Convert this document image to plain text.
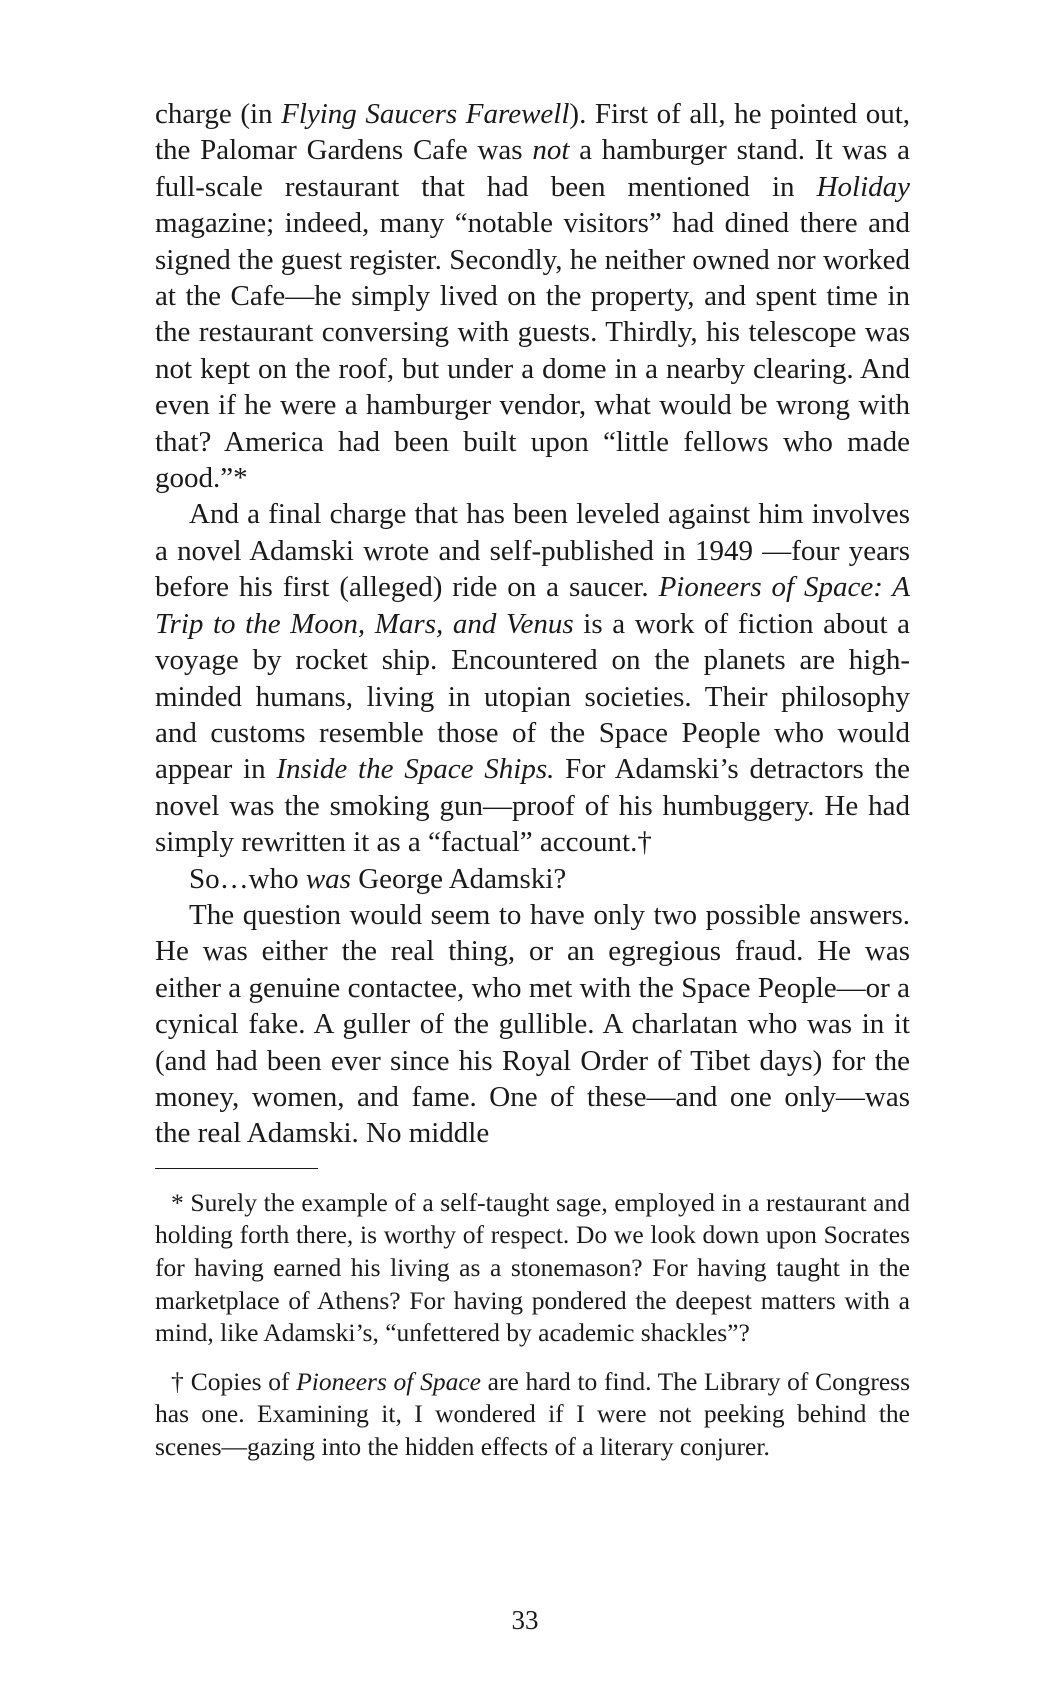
charge (in Flying Saucers Farewell). First of all, he pointed out, the Palomar Gardens Cafe was not a hamburger stand. It was a full-scale restaurant that had been mentioned in Holiday magazine; indeed, many “notable visitors” had dined there and signed the guest register. Secondly, he neither owned nor worked at the Cafe—he simply lived on the property, and spent time in the restaurant conversing with guests. Thirdly, his telescope was not kept on the roof, but under a dome in a nearby clearing. And even if he were a hamburger vendor, what would be wrong with that? America had been built upon “little fellows who made good.”*

And a final charge that has been leveled against him involves a novel Adamski wrote and self-published in 1949 —four years before his first (alleged) ride on a saucer. Pioneers of Space: A Trip to the Moon, Mars, and Venus is a work of fiction about a voyage by rocket ship. Encountered on the planets are high-minded humans, living in utopian societies. Their philosophy and customs resemble those of the Space People who would appear in Inside the Space Ships. For Adamski’s detractors the novel was the smoking gun—proof of his humbuggery. He had simply rewritten it as a “factual” account.†

So…who was George Adamski?

The question would seem to have only two possible answers. He was either the real thing, or an egregious fraud. He was either a genuine contactee, who met with the Space People—or a cynical fake. A guller of the gullible. A charlatan who was in it (and had been ever since his Royal Order of Tibet days) for the money, women, and fame. One of these—and one only—was the real Adamski. No middle

* Surely the example of a self-taught sage, employed in a restaurant and holding forth there, is worthy of respect. Do we look down upon Socrates for having earned his living as a stonemason? For having taught in the marketplace of Athens? For having pondered the deepest matters with a mind, like Adamski’s, “unfettered by academic shackles”?

† Copies of Pioneers of Space are hard to find. The Library of Congress has one. Examining it, I wondered if I were not peeking behind the scenes—gazing into the hidden effects of a literary conjurer.

33
